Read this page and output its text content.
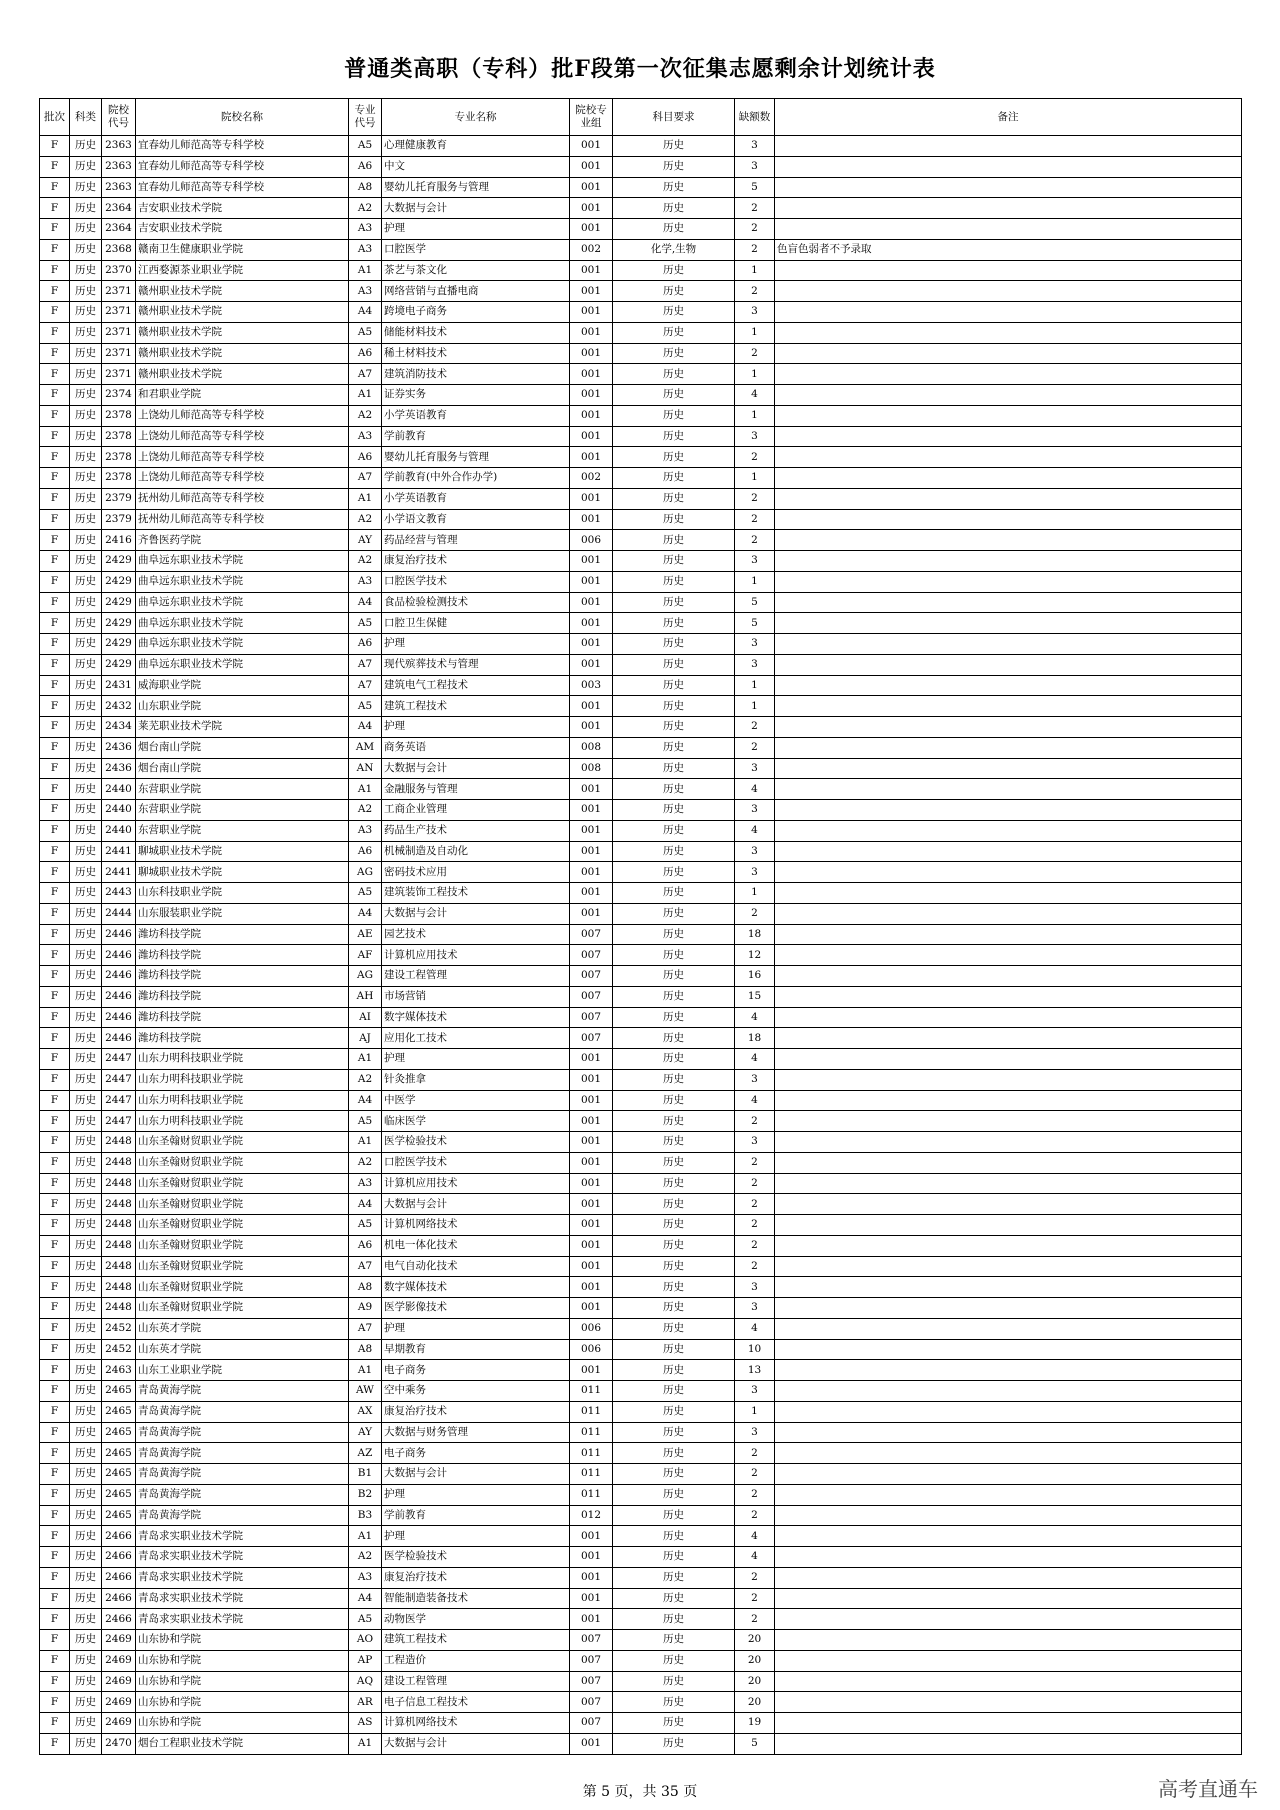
普通类高职（专科）批F段第一次征集志愿剩余计划统计表
批次	科类	院校代号	院校名称	专业代号	专业名称	院校专业组	科目要求	缺额数	备注
F	历史	2363	宜春幼儿师范高等专科学校	A5	心理健康教育	001	历史	3	
F	历史	2363	宜春幼儿师范高等专科学校	A6	中文	001	历史	3	
F	历史	2363	宜春幼儿师范高等专科学校	A8	婴幼儿托育服务与管理	001	历史	5	
F	历史	2364	吉安职业技术学院	A2	大数据与会计	001	历史	2	
F	历史	2364	吉安职业技术学院	A3	护理	001	历史	2	
F	历史	2368	赣南卫生健康职业学院	A3	口腔医学	002	化学,生物	2	色盲色弱者不予录取
F	历史	2370	江西婺源茶业职业学院	A1	茶艺与茶文化	001	历史	1	
F	历史	2371	赣州职业技术学院	A3	网络营销与直播电商	001	历史	2	
F	历史	2371	赣州职业技术学院	A4	跨境电子商务	001	历史	3	
F	历史	2371	赣州职业技术学院	A5	储能材料技术	001	历史	1	
F	历史	2371	赣州职业技术学院	A6	稀土材料技术	001	历史	2	
F	历史	2371	赣州职业技术学院	A7	建筑消防技术	001	历史	1	
F	历史	2374	和君职业学院	A1	证券实务	001	历史	4	
F	历史	2378	上饶幼儿师范高等专科学校	A2	小学英语教育	001	历史	1	
F	历史	2378	上饶幼儿师范高等专科学校	A3	学前教育	001	历史	3	
F	历史	2378	上饶幼儿师范高等专科学校	A6	婴幼儿托育服务与管理	001	历史	2	
F	历史	2378	上饶幼儿师范高等专科学校	A7	学前教育(中外合作办学)	002	历史	1	
F	历史	2379	抚州幼儿师范高等专科学校	A1	小学英语教育	001	历史	2	
F	历史	2379	抚州幼儿师范高等专科学校	A2	小学语文教育	001	历史	2	
F	历史	2416	齐鲁医药学院	AY	药品经营与管理	006	历史	2	
F	历史	2429	曲阜远东职业技术学院	A2	康复治疗技术	001	历史	3	
F	历史	2429	曲阜远东职业技术学院	A3	口腔医学技术	001	历史	1	
F	历史	2429	曲阜远东职业技术学院	A4	食品检验检测技术	001	历史	5	
F	历史	2429	曲阜远东职业技术学院	A5	口腔卫生保健	001	历史	5	
F	历史	2429	曲阜远东职业技术学院	A6	护理	001	历史	3	
F	历史	2429	曲阜远东职业技术学院	A7	现代殡葬技术与管理	001	历史	3	
F	历史	2431	威海职业学院	A7	建筑电气工程技术	003	历史	1	
F	历史	2432	山东职业学院	A5	建筑工程技术	001	历史	1	
F	历史	2434	莱芜职业技术学院	A4	护理	001	历史	2	
F	历史	2436	烟台南山学院	AM	商务英语	008	历史	2	
F	历史	2436	烟台南山学院	AN	大数据与会计	008	历史	3	
F	历史	2440	东营职业学院	A1	金融服务与管理	001	历史	4	
F	历史	2440	东营职业学院	A2	工商企业管理	001	历史	3	
F	历史	2440	东营职业学院	A3	药品生产技术	001	历史	4	
F	历史	2441	聊城职业技术学院	A6	机械制造及自动化	001	历史	3	
F	历史	2441	聊城职业技术学院	AG	密码技术应用	001	历史	3	
F	历史	2443	山东科技职业学院	A5	建筑装饰工程技术	001	历史	1	
F	历史	2444	山东服装职业学院	A4	大数据与会计	001	历史	2	
F	历史	2446	潍坊科技学院	AE	园艺技术	007	历史	18	
F	历史	2446	潍坊科技学院	AF	计算机应用技术	007	历史	12	
F	历史	2446	潍坊科技学院	AG	建设工程管理	007	历史	16	
F	历史	2446	潍坊科技学院	AH	市场营销	007	历史	15	
F	历史	2446	潍坊科技学院	AI	数字媒体技术	007	历史	4	
F	历史	2446	潍坊科技学院	AJ	应用化工技术	007	历史	18	
F	历史	2447	山东力明科技职业学院	A1	护理	001	历史	4	
F	历史	2447	山东力明科技职业学院	A2	针灸推拿	001	历史	3	
F	历史	2447	山东力明科技职业学院	A4	中医学	001	历史	4	
F	历史	2447	山东力明科技职业学院	A5	临床医学	001	历史	2	
F	历史	2448	山东圣翰财贸职业学院	A1	医学检验技术	001	历史	3	
F	历史	2448	山东圣翰财贸职业学院	A2	口腔医学技术	001	历史	2	
F	历史	2448	山东圣翰财贸职业学院	A3	计算机应用技术	001	历史	2	
F	历史	2448	山东圣翰财贸职业学院	A4	大数据与会计	001	历史	2	
F	历史	2448	山东圣翰财贸职业学院	A5	计算机网络技术	001	历史	2	
F	历史	2448	山东圣翰财贸职业学院	A6	机电一体化技术	001	历史	2	
F	历史	2448	山东圣翰财贸职业学院	A7	电气自动化技术	001	历史	2	
F	历史	2448	山东圣翰财贸职业学院	A8	数字媒体技术	001	历史	3	
F	历史	2448	山东圣翰财贸职业学院	A9	医学影像技术	001	历史	3	
F	历史	2452	山东英才学院	A7	护理	006	历史	4	
F	历史	2452	山东英才学院	A8	早期教育	006	历史	10	
F	历史	2463	山东工业职业学院	A1	电子商务	001	历史	13	
F	历史	2465	青岛黄海学院	AW	空中乘务	011	历史	3	
F	历史	2465	青岛黄海学院	AX	康复治疗技术	011	历史	1	
F	历史	2465	青岛黄海学院	AY	大数据与财务管理	011	历史	3	
F	历史	2465	青岛黄海学院	AZ	电子商务	011	历史	2	
F	历史	2465	青岛黄海学院	B1	大数据与会计	011	历史	2	
F	历史	2465	青岛黄海学院	B2	护理	011	历史	2	
F	历史	2465	青岛黄海学院	B3	学前教育	012	历史	2	
F	历史	2466	青岛求实职业技术学院	A1	护理	001	历史	4	
F	历史	2466	青岛求实职业技术学院	A2	医学检验技术	001	历史	4	
F	历史	2466	青岛求实职业技术学院	A3	康复治疗技术	001	历史	2	
F	历史	2466	青岛求实职业技术学院	A4	智能制造装备技术	001	历史	2	
F	历史	2466	青岛求实职业技术学院	A5	动物医学	001	历史	2	
F	历史	2469	山东协和学院	AO	建筑工程技术	007	历史	20	
F	历史	2469	山东协和学院	AP	工程造价	007	历史	20	
F	历史	2469	山东协和学院	AQ	建设工程管理	007	历史	20	
F	历史	2469	山东协和学院	AR	电子信息工程技术	007	历史	20	
F	历史	2469	山东协和学院	AS	计算机网络技术	007	历史	19	
F	历史	2470	烟台工程职业技术学院	A1	大数据与会计	001	历史	5	
第 5 页，共 35 页	高考直通车
